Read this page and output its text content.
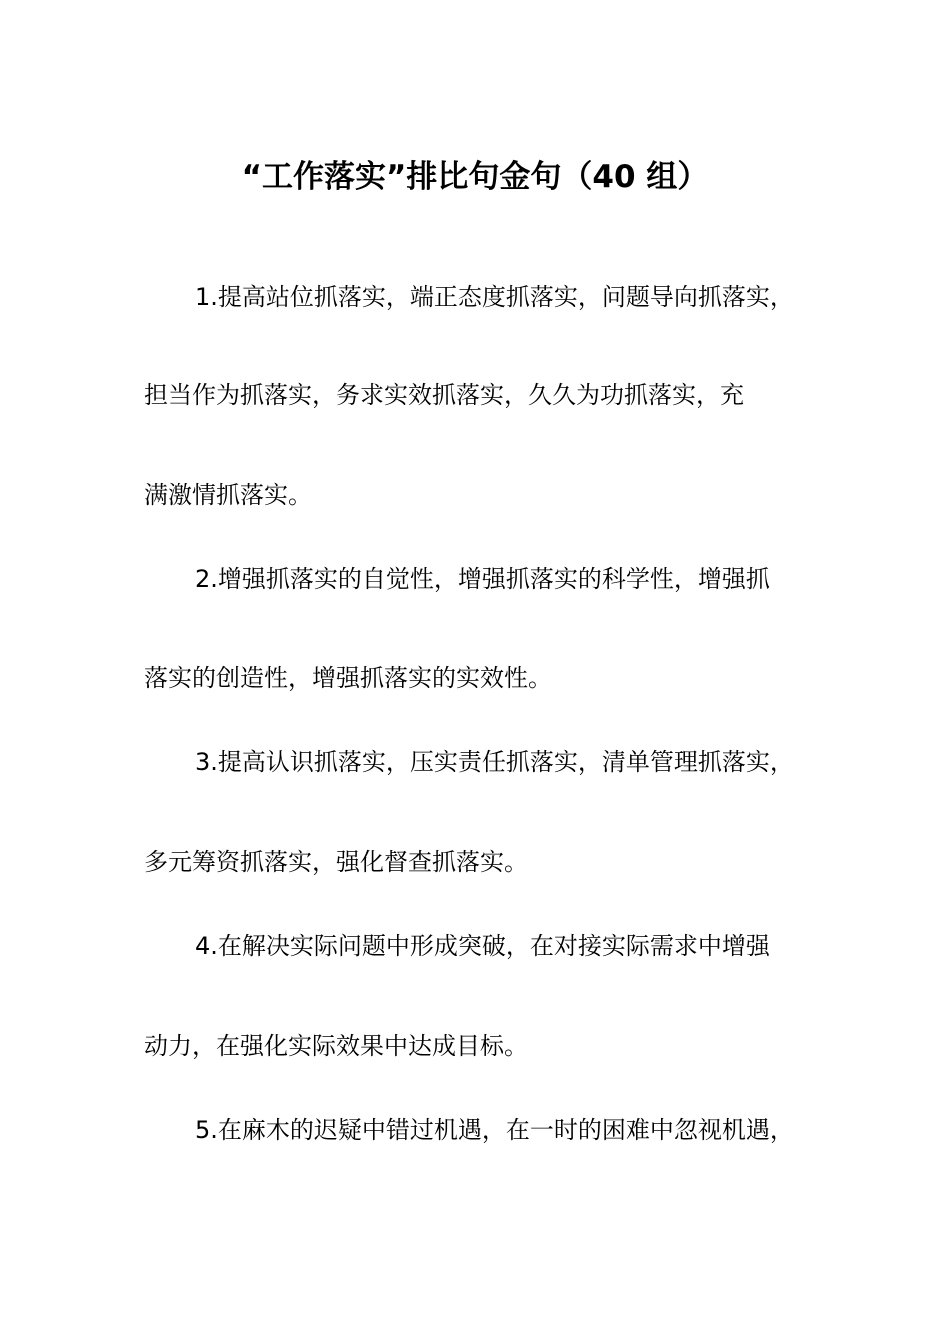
“工作落实”排比句金句（40 组）

1.提高站位抓落实，端正态度抓落实，问题导向抓落实，

担当作为抓落实，务求实效抓落实，久久为功抓落实，充

满激情抓落实。

2.增强抓落实的自觉性，增强抓落实的科学性，增强抓

落实的创造性，增强抓落实的实效性。

3.提高认识抓落实，压实责任抓落实，清单管理抓落实，

多元筹资抓落实，强化督查抓落实。

4.在解决实际问题中形成突破，在对接实际需求中增强

动力，在强化实际效果中达成目标。

5.在麻木的迟疑中错过机遇，在一时的困难中忽视机遇，
